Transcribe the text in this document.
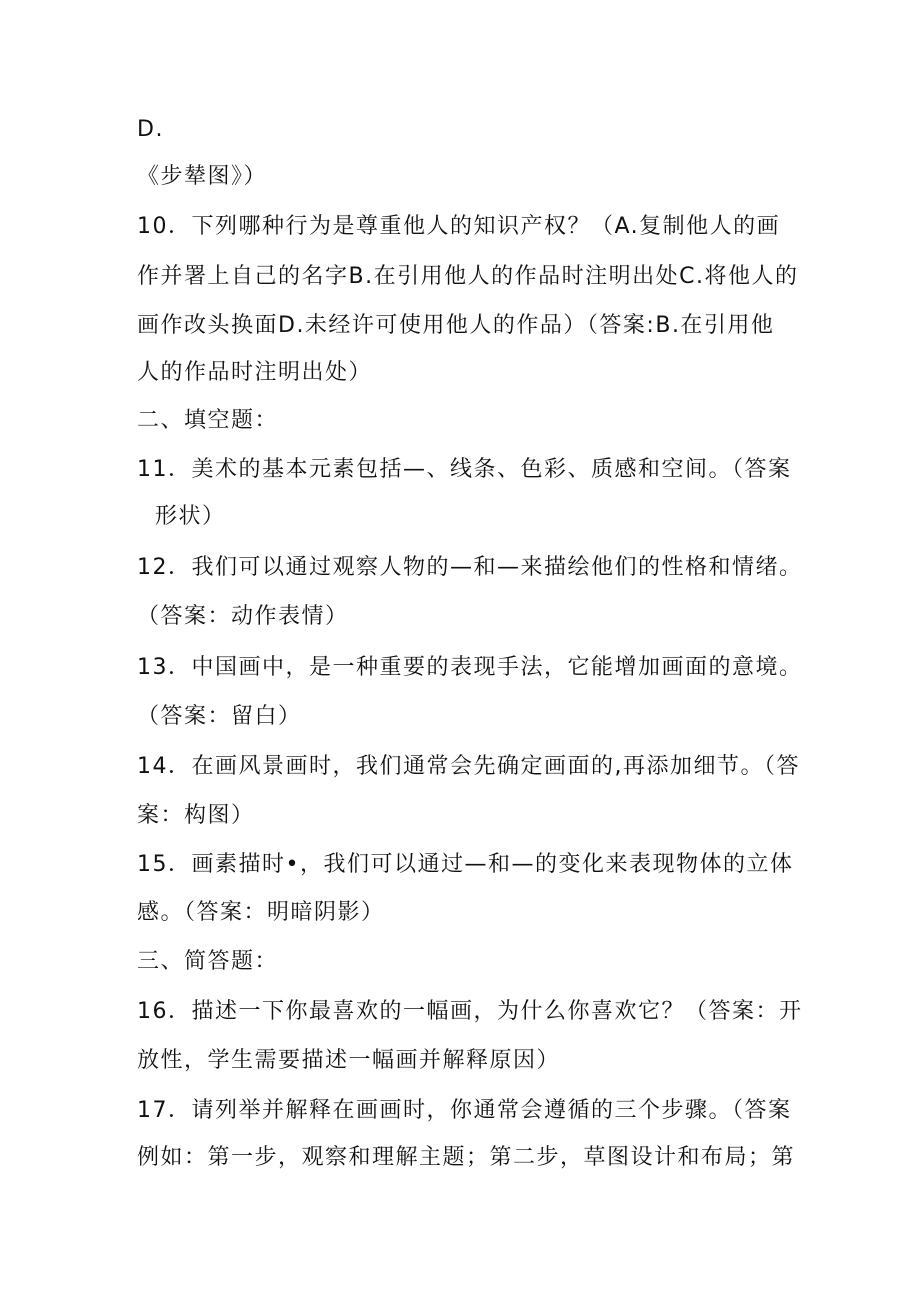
D.
《步辇图》）
10．下列哪种行为是尊重他人的知识产权？（A.复制他人的画
作并署上自己的名字B.在引用他人的作品时注明出处C.将他人的
画作改头换面D.未经许可使用他人的作品）（答案:B.在引用他
人的作品时注明出处）
二、填空题：
11．美术的基本元素包括—、线条、色彩、质感和空间。（答案
形状）
12．我们可以通过观察人物的—和—来描绘他们的性格和情绪。
（答案：动作表情）
13．中国画中，是一种重要的表现手法，它能增加画面的意境。
（答案：留白）
14．在画风景画时，我们通常会先确定画面的,再添加细节。（答
案：构图）
15．画素描时•，我们可以通过—和—的变化来表现物体的立体
感。（答案：明暗阴影）
三、简答题：
16．描述一下你最喜欢的一幅画，为什么你喜欢它？（答案：开
放性，学生需要描述一幅画并解释原因）
17．请列举并解释在画画时，你通常会遵循的三个步骤。（答案
例如：第一步，观察和理解主题；第二步，草图设计和布局；第
